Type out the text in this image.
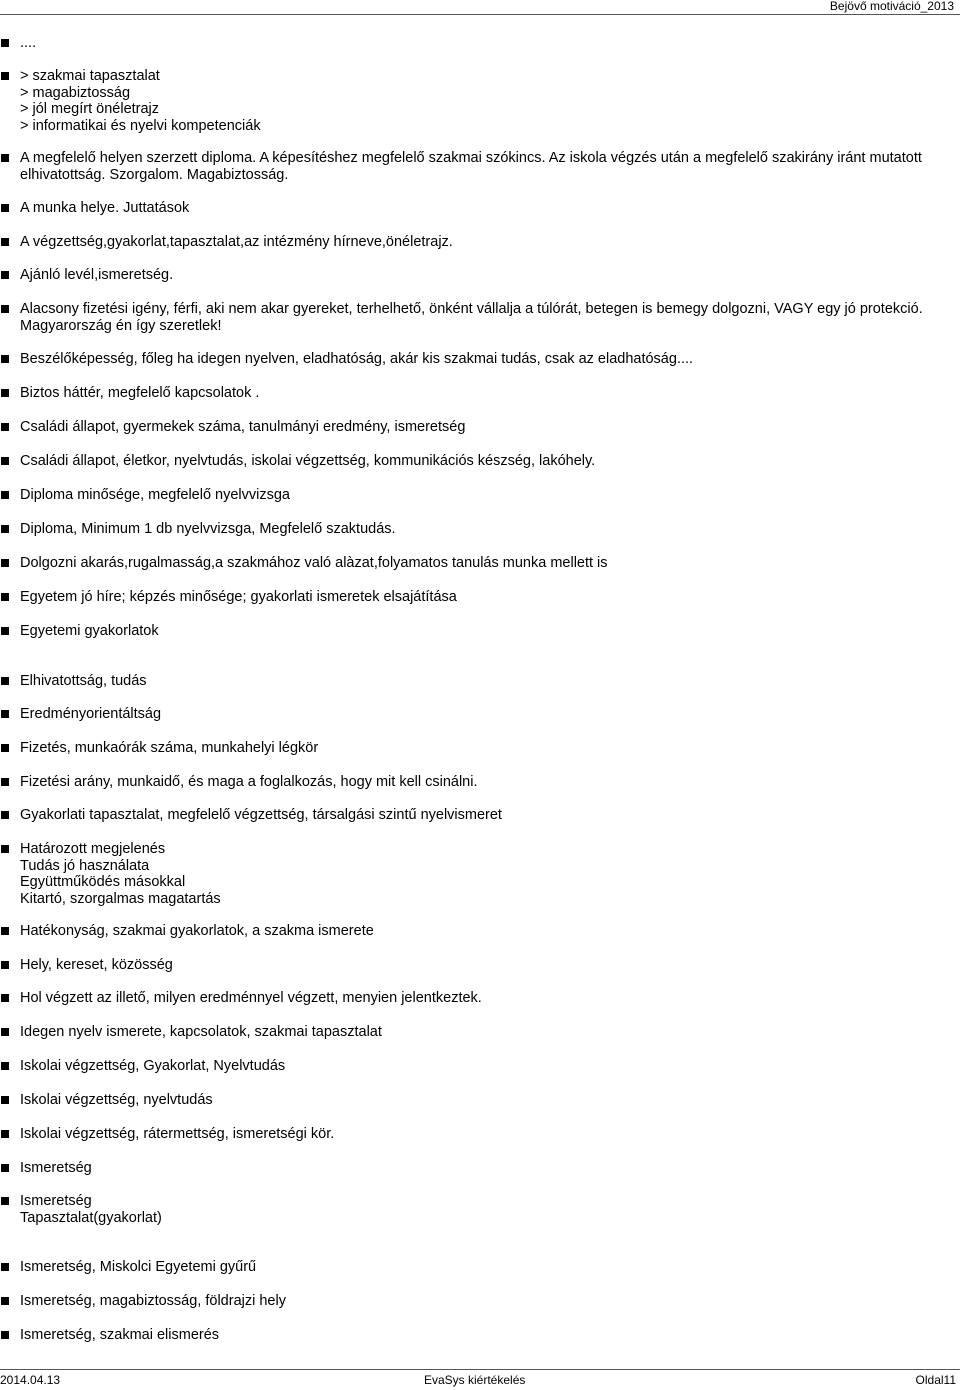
Bejövő motiváció_2013
....
> szakmai tapasztalat
> magabiztosság
> jól megírt önéletrajz
> informatikai és nyelvi kompetenciák
A megfelelő helyen szerzett diploma. A képesítéshez megfelelő szakmai szókincs. Az iskola végzés után a megfelelő szakirány iránt mutatott elhivatottság. Szorgalom. Magabiztosság.
A munka helye. Juttatások
A végzettség,gyakorlat,tapasztalat,az intézmény hírneve,önéletrajz.
Ajánló levél,ismeretség.
Alacsony fizetési igény, férfi, aki nem akar gyereket, terhelhető, önként vállalja a túlórát, betegen is bemegy dolgozni, VAGY egy jó protekció. Magyarország én így szeretlek!
Beszélőképesség, főleg ha idegen nyelven, eladhatóság, akár kis szakmai tudás, csak az eladhatóság....
Biztos háttér, megfelelő kapcsolatok .
Családi állapot, gyermekek száma, tanulmányi eredmény, ismeretség
Családi állapot, életkor, nyelvtudás, iskolai végzettség, kommunikációs készség, lakóhely.
Diploma minősége, megfelelő nyelvvizsga
Diploma, Minimum 1 db nyelvvizsga, Megfelelő szaktudás.
Dolgozni akarás,rugalmasság,a szakmához való alàzat,folyamatos tanulás munka mellett is
Egyetem jó híre; képzés minősége; gyakorlati ismeretek elsajátítása
Egyetemi gyakorlatok
Elhivatottság, tudás
Eredményorientáltság
Fizetés, munkaórák száma, munkahelyi légkör
Fizetési arány, munkaidő, és maga a foglalkozás, hogy mit kell csinálni.
Gyakorlati tapasztalat, megfelelő végzettség, társalgási szintű nyelvismeret
Határozott megjelenés
Tudás jó használata
Együttműködés másokkal
Kitartó, szorgalmas magatartás
Hatékonyság, szakmai gyakorlatok, a szakma ismerete
Hely, kereset, közösség
Hol végzett az illető, milyen eredménnyel végzett, menyien jelentkeztek.
Idegen nyelv ismerete, kapcsolatok, szakmai tapasztalat
Iskolai végzettség, Gyakorlat, Nyelvtudás
Iskolai végzettség, nyelvtudás
Iskolai végzettség, rátermettség, ismeretségi kör.
Ismeretség
Ismeretség
Tapasztalat(gyakorlat)
Ismeretség, Miskolci Egyetemi gyűrű
Ismeretség, magabiztosság, földrajzi hely
Ismeretség, szakmai elismerés
2014.04.13	EvaSys kiértékelés	Oldal11
